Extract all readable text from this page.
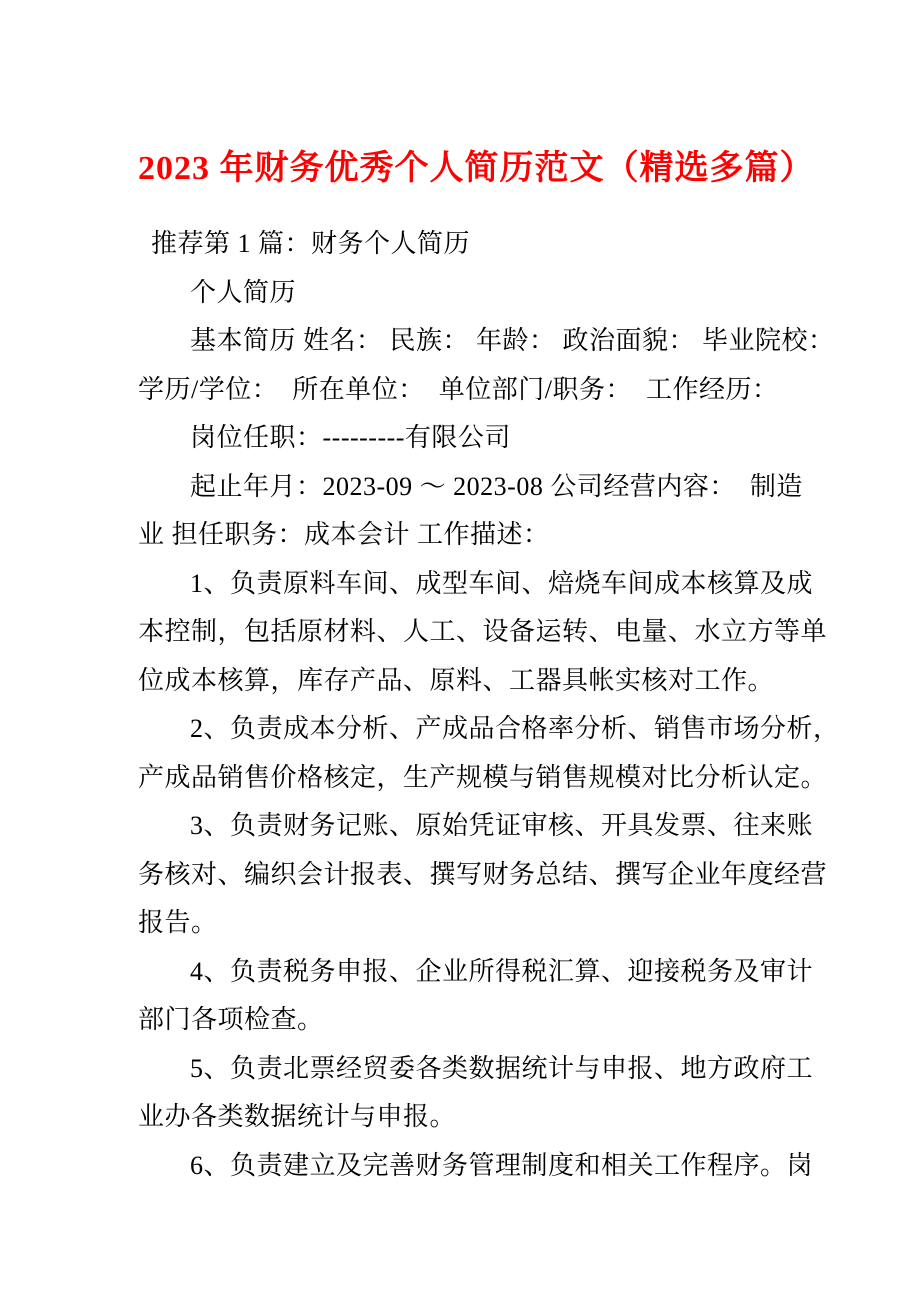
2023 年财务优秀个人简历范文（精选多篇）
推荐第 1 篇：财务个人简历
个人简历
基本简历 姓名： 民族： 年龄： 政治面貌： 毕业院校：
学历/学位：  所在单位：  单位部门/职务：  工作经历：
岗位任职：---------有限公司
起止年月：2023-09 ～ 2023-08 公司经营内容：  制造
业 担任职务：成本会计 工作描述：
1、负责原料车间、成型车间、焙烧车间成本核算及成
本控制，包括原材料、人工、设备运转、电量、水立方等单
位成本核算，库存产品、原料、工器具帐实核对工作。
2、负责成本分析、产成品合格率分析、销售市场分析，
产成品销售价格核定，生产规模与销售规模对比分析认定。
3、负责财务记账、原始凭证审核、开具发票、往来账
务核对、编织会计报表、撰写财务总结、撰写企业年度经营
报告。
4、负责税务申报、企业所得税汇算、迎接税务及审计
部门各项检查。
5、负责北票经贸委各类数据统计与申报、地方政府工
业办各类数据统计与申报。
6、负责建立及完善财务管理制度和相关工作程序。岗
